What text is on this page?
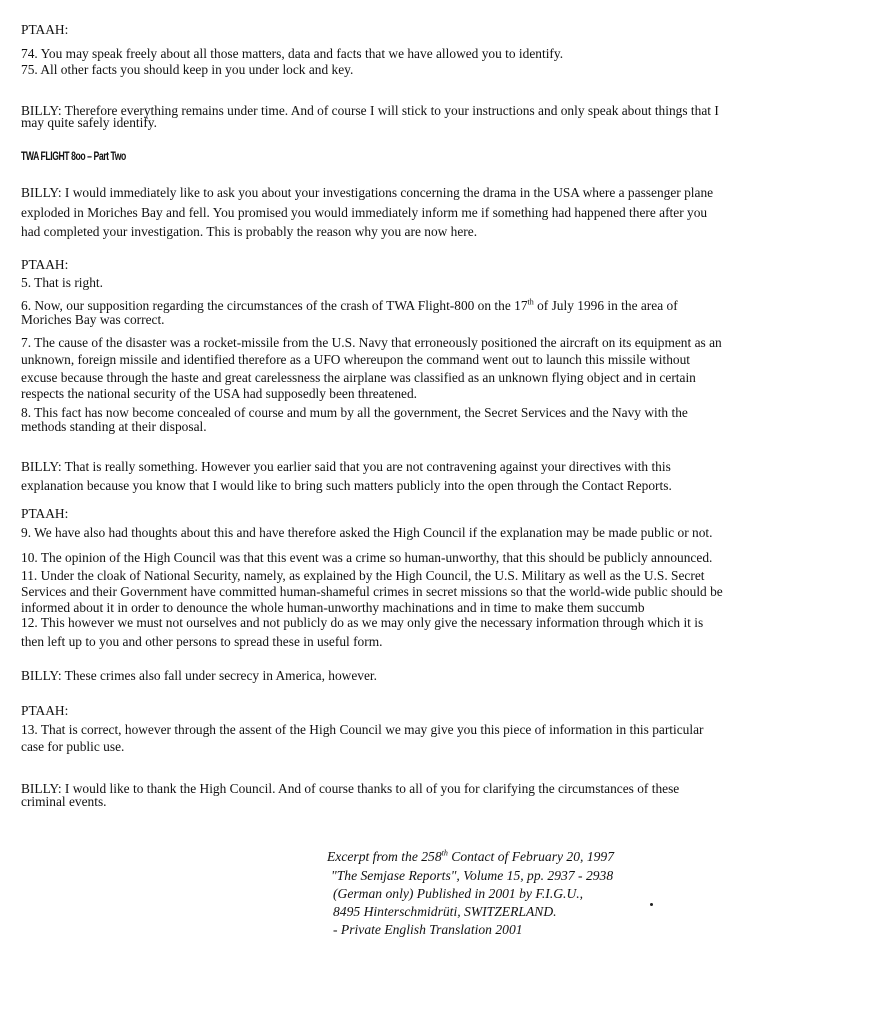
PTAAH:
74. You may speak freely about all those matters, data and facts that we have allowed you to identify.
75. All other facts you should keep in you under lock and key.
BILLY: Therefore everything remains under time. And of course I will stick to your instructions and only speak about things that I
may quite safely identify.
TWA FLIGHT 8oo – Part Two
BILLY: I would immediately like to ask you about your investigations concerning the drama in the USA where a passenger plane
exploded in Moriches Bay and fell. You promised you would immediately inform me if something had happened there after you
had completed your investigation. This is probably the reason why you are now here.
PTAAH:
5. That is right.
6. Now, our supposition regarding the circumstances of the crash of TWA Flight-800 on the 17th of July 1996 in the area of
Moriches Bay was correct.
7. The cause of the disaster was a rocket-missile from the U.S. Navy that erroneously positioned the aircraft on its equipment as an
unknown, foreign missile and identified therefore as a UFO whereupon the command went out to launch this missile without
excuse because through the haste and great carelessness the airplane was classified as an unknown flying object and in certain
respects the national security of the USA had supposedly been threatened.
8. This fact has now become concealed of course and mum by all the government, the Secret Services and the Navy with the
methods standing at their disposal.
BILLY: That is really something. However you earlier said that you are not contravening against your directives with this
explanation because you know that I would like to bring such matters publicly into the open through the Contact Reports.
PTAAH:
9. We have also had thoughts about this and have therefore asked the High Council if the explanation may be made public or not.
10. The opinion of the High Council was that this event was a crime so human-unworthy, that this should be publicly announced.
11. Under the cloak of National Security, namely, as explained by the High Council, the U.S. Military as well as the U.S. Secret
Services and their Government have committed human-shameful crimes in secret missions so that the world-wide public should be
informed about it in order to denounce the whole human-unworthy machinations and in time to make them succumb
12. This however we must not ourselves and not publicly do as we may only give the necessary information through which it is
then left up to you and other persons to spread these in useful form.
BILLY: These crimes also fall under secrecy in America, however.
PTAAH:
13. That is correct, however through the assent of the High Council we may give you this piece of information in this particular
case for public use.
BILLY: I would like to thank the High Council. And of course thanks to all of you for clarifying the circumstances of these
criminal events.
Excerpt from the 258th Contact of February 20, 1997
"The Semjase Reports", Volume 15, pp. 2937 - 2938
(German only) Published in 2001 by F.I.G.U.,
8495 Hinterschmidrüti, SWITZERLAND.
- Private English Translation 2001
